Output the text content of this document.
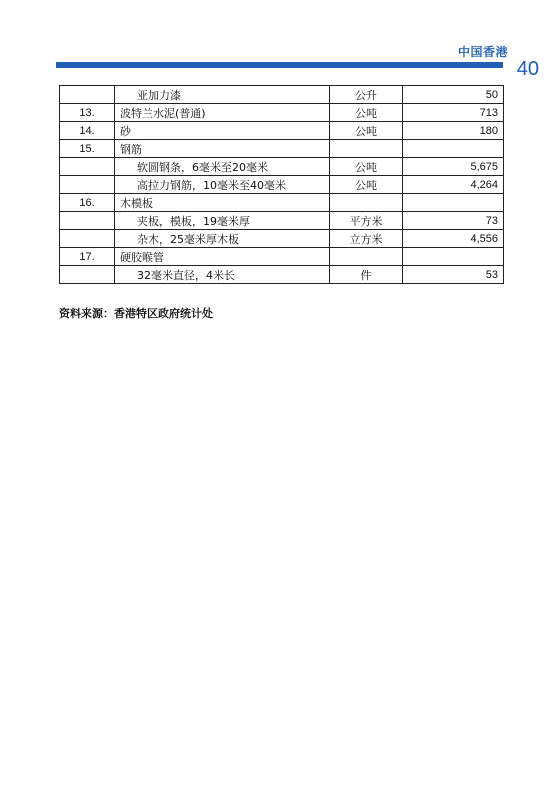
中国香港
40
	亚加力漆	公升	50
13.	波特兰水泥(普通)	公吨	713
14.	砂	公吨	180
15.	钢筋		
	软圆钢条，6毫米至20毫米	公吨	5,675
	高拉力钢筋，10毫米至40毫米	公吨	4,264
16.	木模板		
	夹板，模板，19毫米厚	平方米	73
	杂木，25毫米厚木板	立方米	4,556
17.	硬胶喉管		
	32毫米直径，4米长	件	53
资料来源：香港特区政府统计处
